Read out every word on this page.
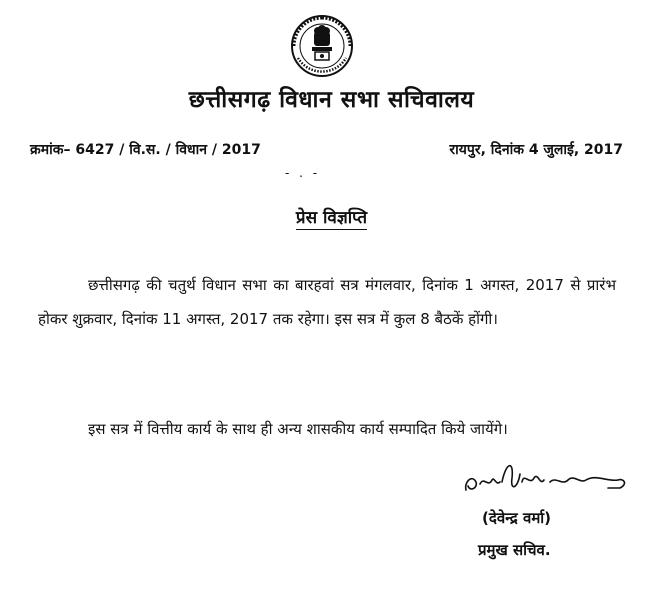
छत्तीसगढ़ विधान सभा सचिवालय
क्रमांक– 6427 / वि.स. / विधान / 2017	रायपुर, दिनांक 4 जुलाई, 2017
- . -
प्रेस विज्ञप्ति
छत्तीसगढ़ की चतुर्थ विधान सभा का बारहवां सत्र मंगलवार, दिनांक 1 अगस्त, 2017 से प्रारंभ होकर शुक्रवार, दिनांक 11 अगस्त, 2017 तक रहेगा। इस सत्र में कुल 8 बैठकें होंगी।
इस सत्र में वित्तीय कार्य के साथ ही अन्य शासकीय कार्य सम्पादित किये जायेंगे।
(देवेन्द्र वर्मा)
प्रमुख सचिव.
